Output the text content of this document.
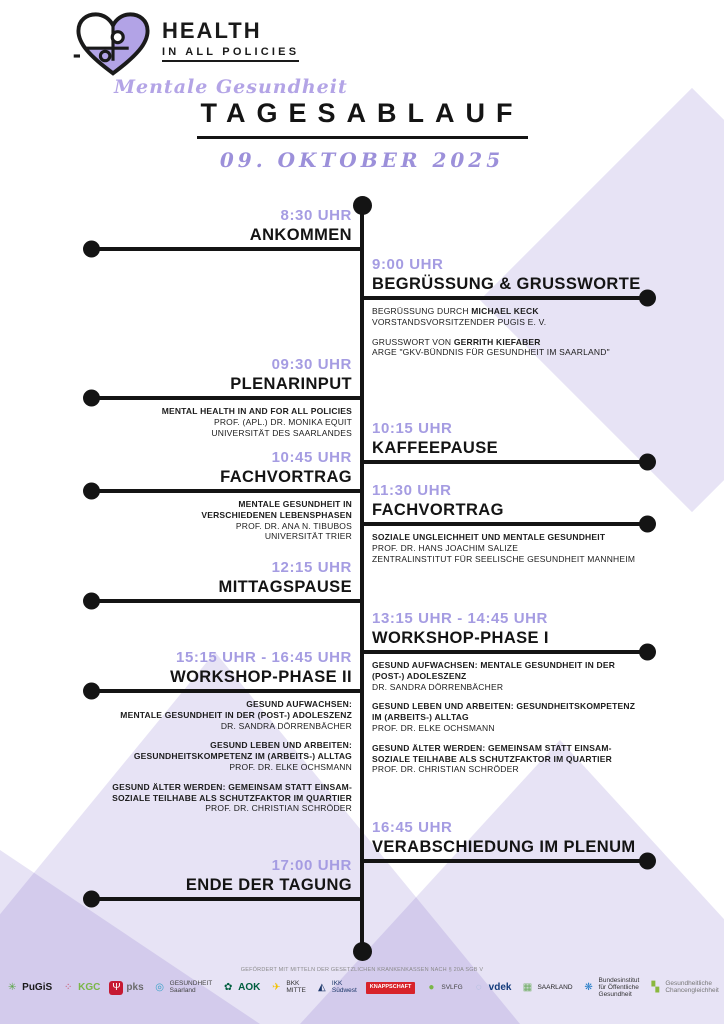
HEALTH
IN ALL POLICIES
Mentale Gesundheit
TAGESABLAUF
09. OKTOBER 2025
8:30 UHR
ANKOMMEN
9:00 UHR
BEGRÜSSUNG & GRUSSWORTE

BEGRÜSSUNG DURCH MICHAEL KECK
VORSTANDSVORSITZENDER PUGIS E. V.

GRUSSWORT VON GERRITH KIEFABER
ARGE "GKV-BÜNDNIS FÜR GESUNDHEIT IM SAARLAND"

09:30 UHR
PLENARINPUT

MENTAL HEALTH IN AND FOR ALL POLICIES
PROF. (APL.) DR. MONIKA EQUIT
UNIVERSITÄT DES SAARLANDES	10:15 UHR
KAFFEEPAUSE
10:45 UHR
FACHVORTRAG

MENTALE GESUNDHEIT IN
VERSCHIEDENEN LEBENSPHASEN
PROF. DR. ANA N. TIBUBOS
UNIVERSITÄT TRIER

11:30 UHR
FACHVORTRAG

SOZIALE UNGLEICHHEIT UND MENTALE GESUNDHEIT
PROF. DR. HANS JOACHIM SALIZE
ZENTRALINSTITUT FÜR SEELISCHE GESUNDHEIT MANNHEIM

12:15 UHR
MITTAGSPAUSE
13:15 UHR - 14:45 UHR
WORKSHOP-PHASE I

GESUND AUFWACHSEN: MENTALE GESUNDHEIT IN DER
(POST-) ADOLESZENZ
DR. SANDRA DÖRRENBÄCHER

GESUND LEBEN UND ARBEITEN: GESUNDHEITSKOMPETENZ
IM (ARBEITS-) ALLTAG
PROF. DR. ELKE OCHSMANN

GESUND ÄLTER WERDEN: GEMEINSAM STATT EINSAM-
SOZIALE TEILHABE ALS SCHUTZFAKTOR IM QUARTIER
PROF. DR. CHRISTIAN SCHRÖDER

15:15 UHR - 16:45 UHR
WORKSHOP-PHASE II

GESUND AUFWACHSEN:
MENTALE GESUNDHEIT IN DER (POST-) ADOLESZENZ
DR. SANDRA DÖRRENBÄCHER

GESUND LEBEN UND ARBEITEN:
GESUNDHEITSKOMPETENZ IM (ARBEITS-) ALLTAG
PROF. DR. ELKE OCHSMANN

GESUND ÄLTER WERDEN: GEMEINSAM STATT EINSAM-
SOZIALE TEILHABE ALS SCHUTZFAKTOR IM QUARTIER
PROF. DR. CHRISTIAN SCHRÖDER

16:45 UHR
VERABSCHIEDUNG IM PLENUM
17:00 UHR
ENDE DER TAGUNG
GEFÖRDERT MIT MITTELN DER GESETZLICHEN KRANKENKASSEN NACH § 20A SGB V
✳ PuGiS ⁘ KGC Ψ pks ◎ GESUNDHEIT Saarland	✿ AOK ✈ BKK MITTE	◭ IKK Südwest	KNAPPSCHAFT	●	SVLFG	◌ vdek ▦ SAARLAND ❋
Bundesinstitut für Öffentliche Gesundheit
▚ Gesundheitliche Chancengleichheit
